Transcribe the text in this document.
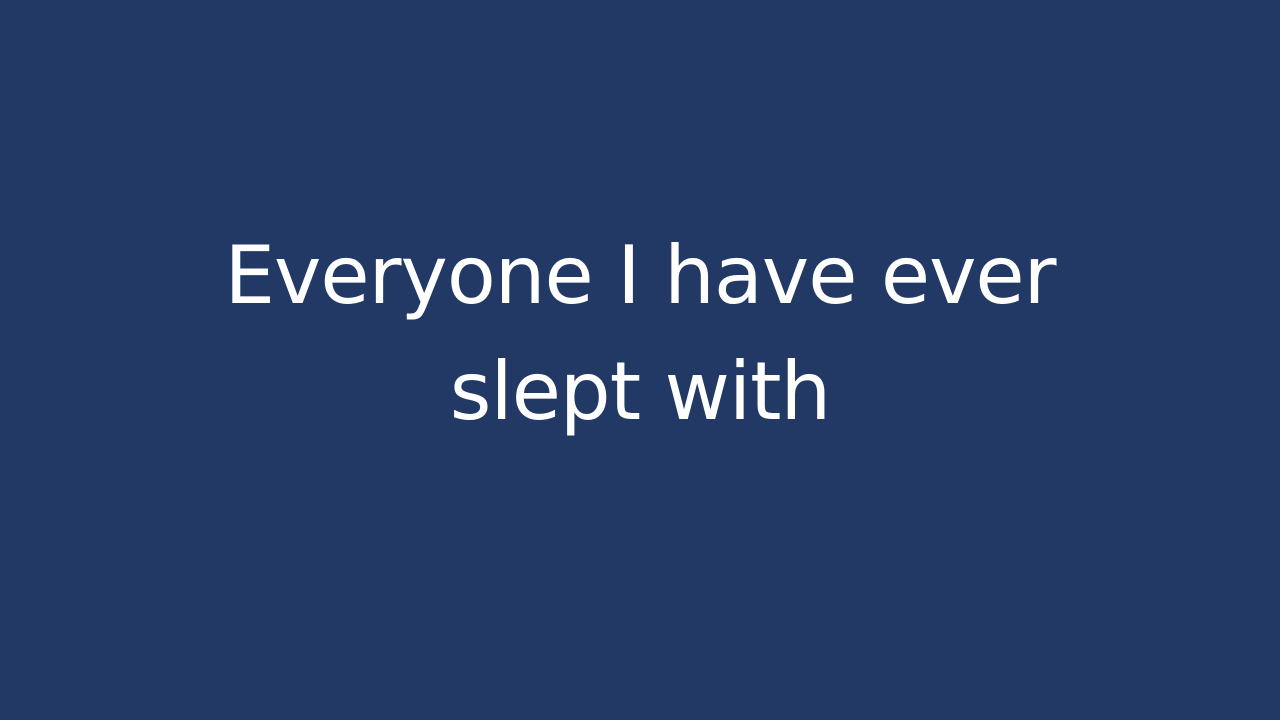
Everyone I have ever slept with
